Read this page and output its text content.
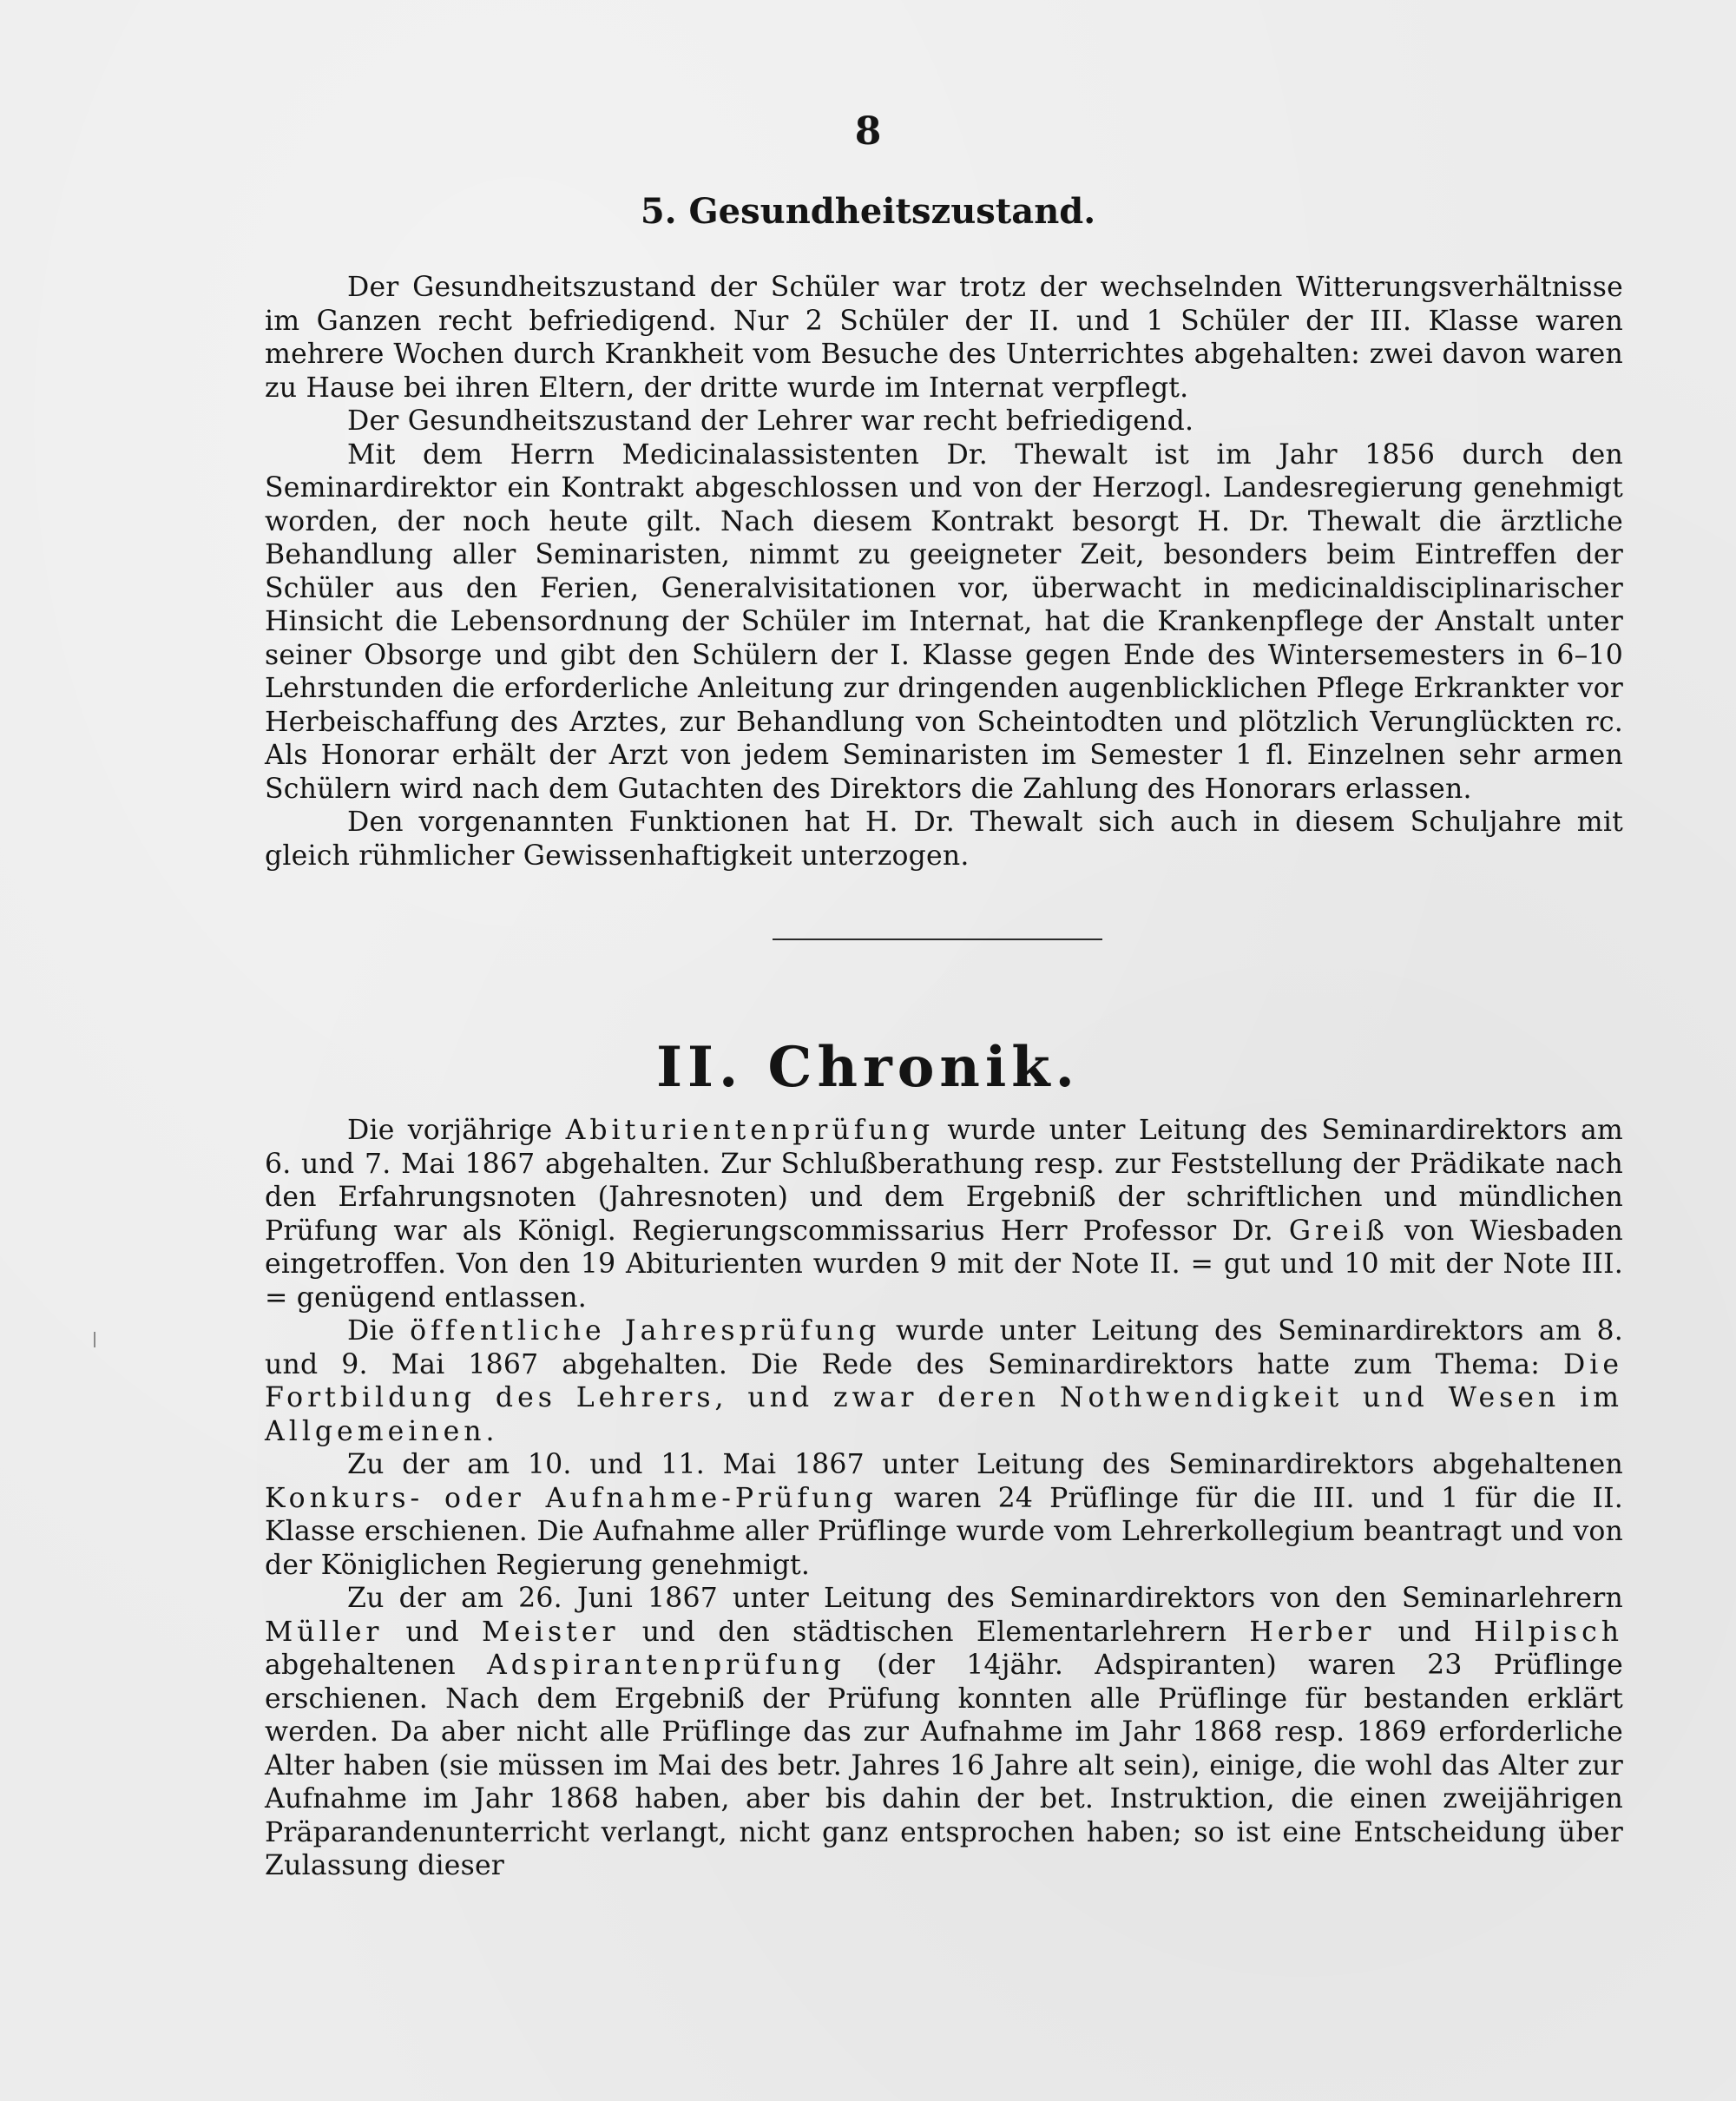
8
5. Gesundheitszustand.

Der Gesundheitszustand der Schüler war trotz der wechselnden Witterungsverhältnisse im Ganzen recht befriedigend. Nur 2 Schüler der II. und 1 Schüler der III. Klasse waren mehrere Wochen durch Krankheit vom Besuche des Unterrichtes abgehalten: zwei davon waren zu Hause bei ihren Eltern, der dritte wurde im Internat verpflegt.

Der Gesundheitszustand der Lehrer war recht befriedigend.

Mit dem Herrn Medicinalassistenten Dr. Thewalt ist im Jahr 1856 durch den Seminardirektor ein Kontrakt abgeschlossen und von der Herzogl. Landesregierung genehmigt worden, der noch heute gilt. Nach diesem Kontrakt besorgt H. Dr. Thewalt die ärztliche Behandlung aller Seminaristen, nimmt zu geeigneter Zeit, besonders beim Eintreffen der Schüler aus den Ferien, Generalvisitationen vor, überwacht in medicinaldisciplinarischer Hinsicht die Lebensordnung der Schüler im Internat, hat die Krankenpflege der Anstalt unter seiner Obsorge und gibt den Schülern der I. Klasse gegen Ende des Wintersemesters in 6–10 Lehrstunden die erforderliche Anleitung zur dringenden augenblicklichen Pflege Erkrankter vor Herbeischaffung des Arztes, zur Behandlung von Scheintodten und plötzlich Verunglückten rc. Als Honorar erhält der Arzt von jedem Seminaristen im Semester 1 fl. Einzelnen sehr armen Schülern wird nach dem Gutachten des Direktors die Zahlung des Honorars erlassen.

Den vorgenannten Funktionen hat H. Dr. Thewalt sich auch in diesem Schuljahre mit gleich rühmlicher Gewissenhaftigkeit unterzogen.

II. Chronik.

Die vorjährige Abiturientenprüfung wurde unter Leitung des Seminardirektors am 6. und 7. Mai 1867 abgehalten. Zur Schlußberathung resp. zur Feststellung der Prädikate nach den Erfahrungsnoten (Jahresnoten) und dem Ergebniß der schriftlichen und mündlichen Prüfung war als Königl. Regierungscommissarius Herr Professor Dr. Greiß von Wiesbaden eingetroffen. Von den 19 Abiturienten wurden 9 mit der Note II. = gut und 10 mit der Note III. = genügend entlassen.

Die öffentliche Jahresprüfung wurde unter Leitung des Seminardirektors am 8. und 9. Mai 1867 abgehalten. Die Rede des Seminardirektors hatte zum Thema: Die Fortbildung des Lehrers, und zwar deren Nothwendigkeit und Wesen im Allgemeinen.

Zu der am 10. und 11. Mai 1867 unter Leitung des Seminardirektors abgehaltenen Konkurs- oder Aufnahme-Prüfung waren 24 Prüflinge für die III. und 1 für die II. Klasse erschienen. Die Aufnahme aller Prüflinge wurde vom Lehrerkollegium beantragt und von der Königlichen Regierung genehmigt.

Zu der am 26. Juni 1867 unter Leitung des Seminardirektors von den Seminarlehrern Müller und Meister und den städtischen Elementarlehrern Herber und Hilpisch abgehaltenen Adspirantenprüfung (der 14jähr. Adspiranten) waren 23 Prüflinge erschienen. Nach dem Ergebniß der Prüfung konnten alle Prüflinge für bestanden erklärt werden. Da aber nicht alle Prüflinge das zur Aufnahme im Jahr 1868 resp. 1869 erforderliche Alter haben (sie müssen im Mai des betr. Jahres 16 Jahre alt sein), einige, die wohl das Alter zur Aufnahme im Jahr 1868 haben, aber bis dahin der bet. Instruktion, die einen zweijährigen Präparandenunterricht verlangt, nicht ganz entsprochen haben; so ist eine Entscheidung über Zulassung dieser
